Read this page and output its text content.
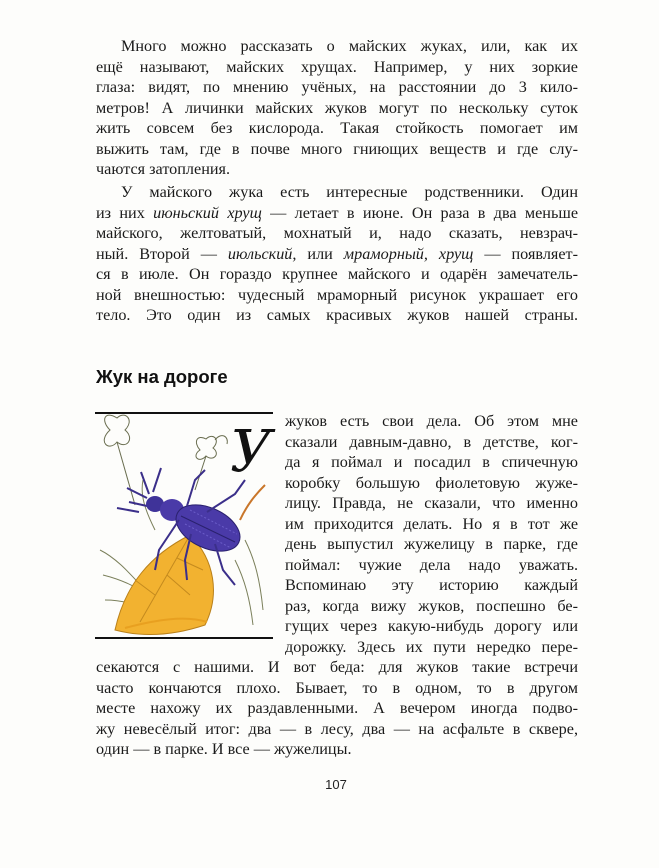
Много можно рассказать о майских жуках, или, как их
ещё называют, майских хрущах. Например, у них зоркие
глаза: видят, по мнению учёных, на расстоянии до 3 кило-
метров! А личинки майских жуков могут по нескольку суток
жить совсем без кислорода. Такая стойкость помогает им
выжить там, где в почве много гниющих веществ и где слу-
чаются затопления.
У майского жука есть интересные родственники. Один
из них июньский хрущ — летает в июне. Он раза в два меньше
майского, желтоватый, мохнатый и, надо сказать, невзрач-
ный. Второй — июльский, или мраморный, хрущ — появляет-
ся в июле. Он гораздо крупнее майского и одарён замечатель-
ной внешностью: чудесный мраморный рисунок украшает его
тело. Это один из самых красивых жуков нашей страны.
Жук на дороге
У жуков есть свои дела. Об этом мне
сказали давным-давно, в детстве, ког-
да я поймал и посадил в спичечную
коробку большую фиолетовую жуже-
лицу. Правда, не сказали, что именно
им приходится делать. Но я в тот же
день выпустил жужелицу в парке, где
поймал: чужие дела надо уважать.
Вспоминаю эту историю каждый
раз, когда вижу жуков, поспешно бе-
гущих через какую-нибудь дорогу или
дорожку. Здесь их пути нередко пере-
секаются с нашими. И вот беда: для жуков такие встречи
часто кончаются плохо. Бывает, то в одном, то в другом
месте нахожу их раздавленными. А вечером иногда подво-
жу невесёлый итог: два — в лесу, два — на асфальте в сквере,
один — в парке. И все — жужелицы.
107
